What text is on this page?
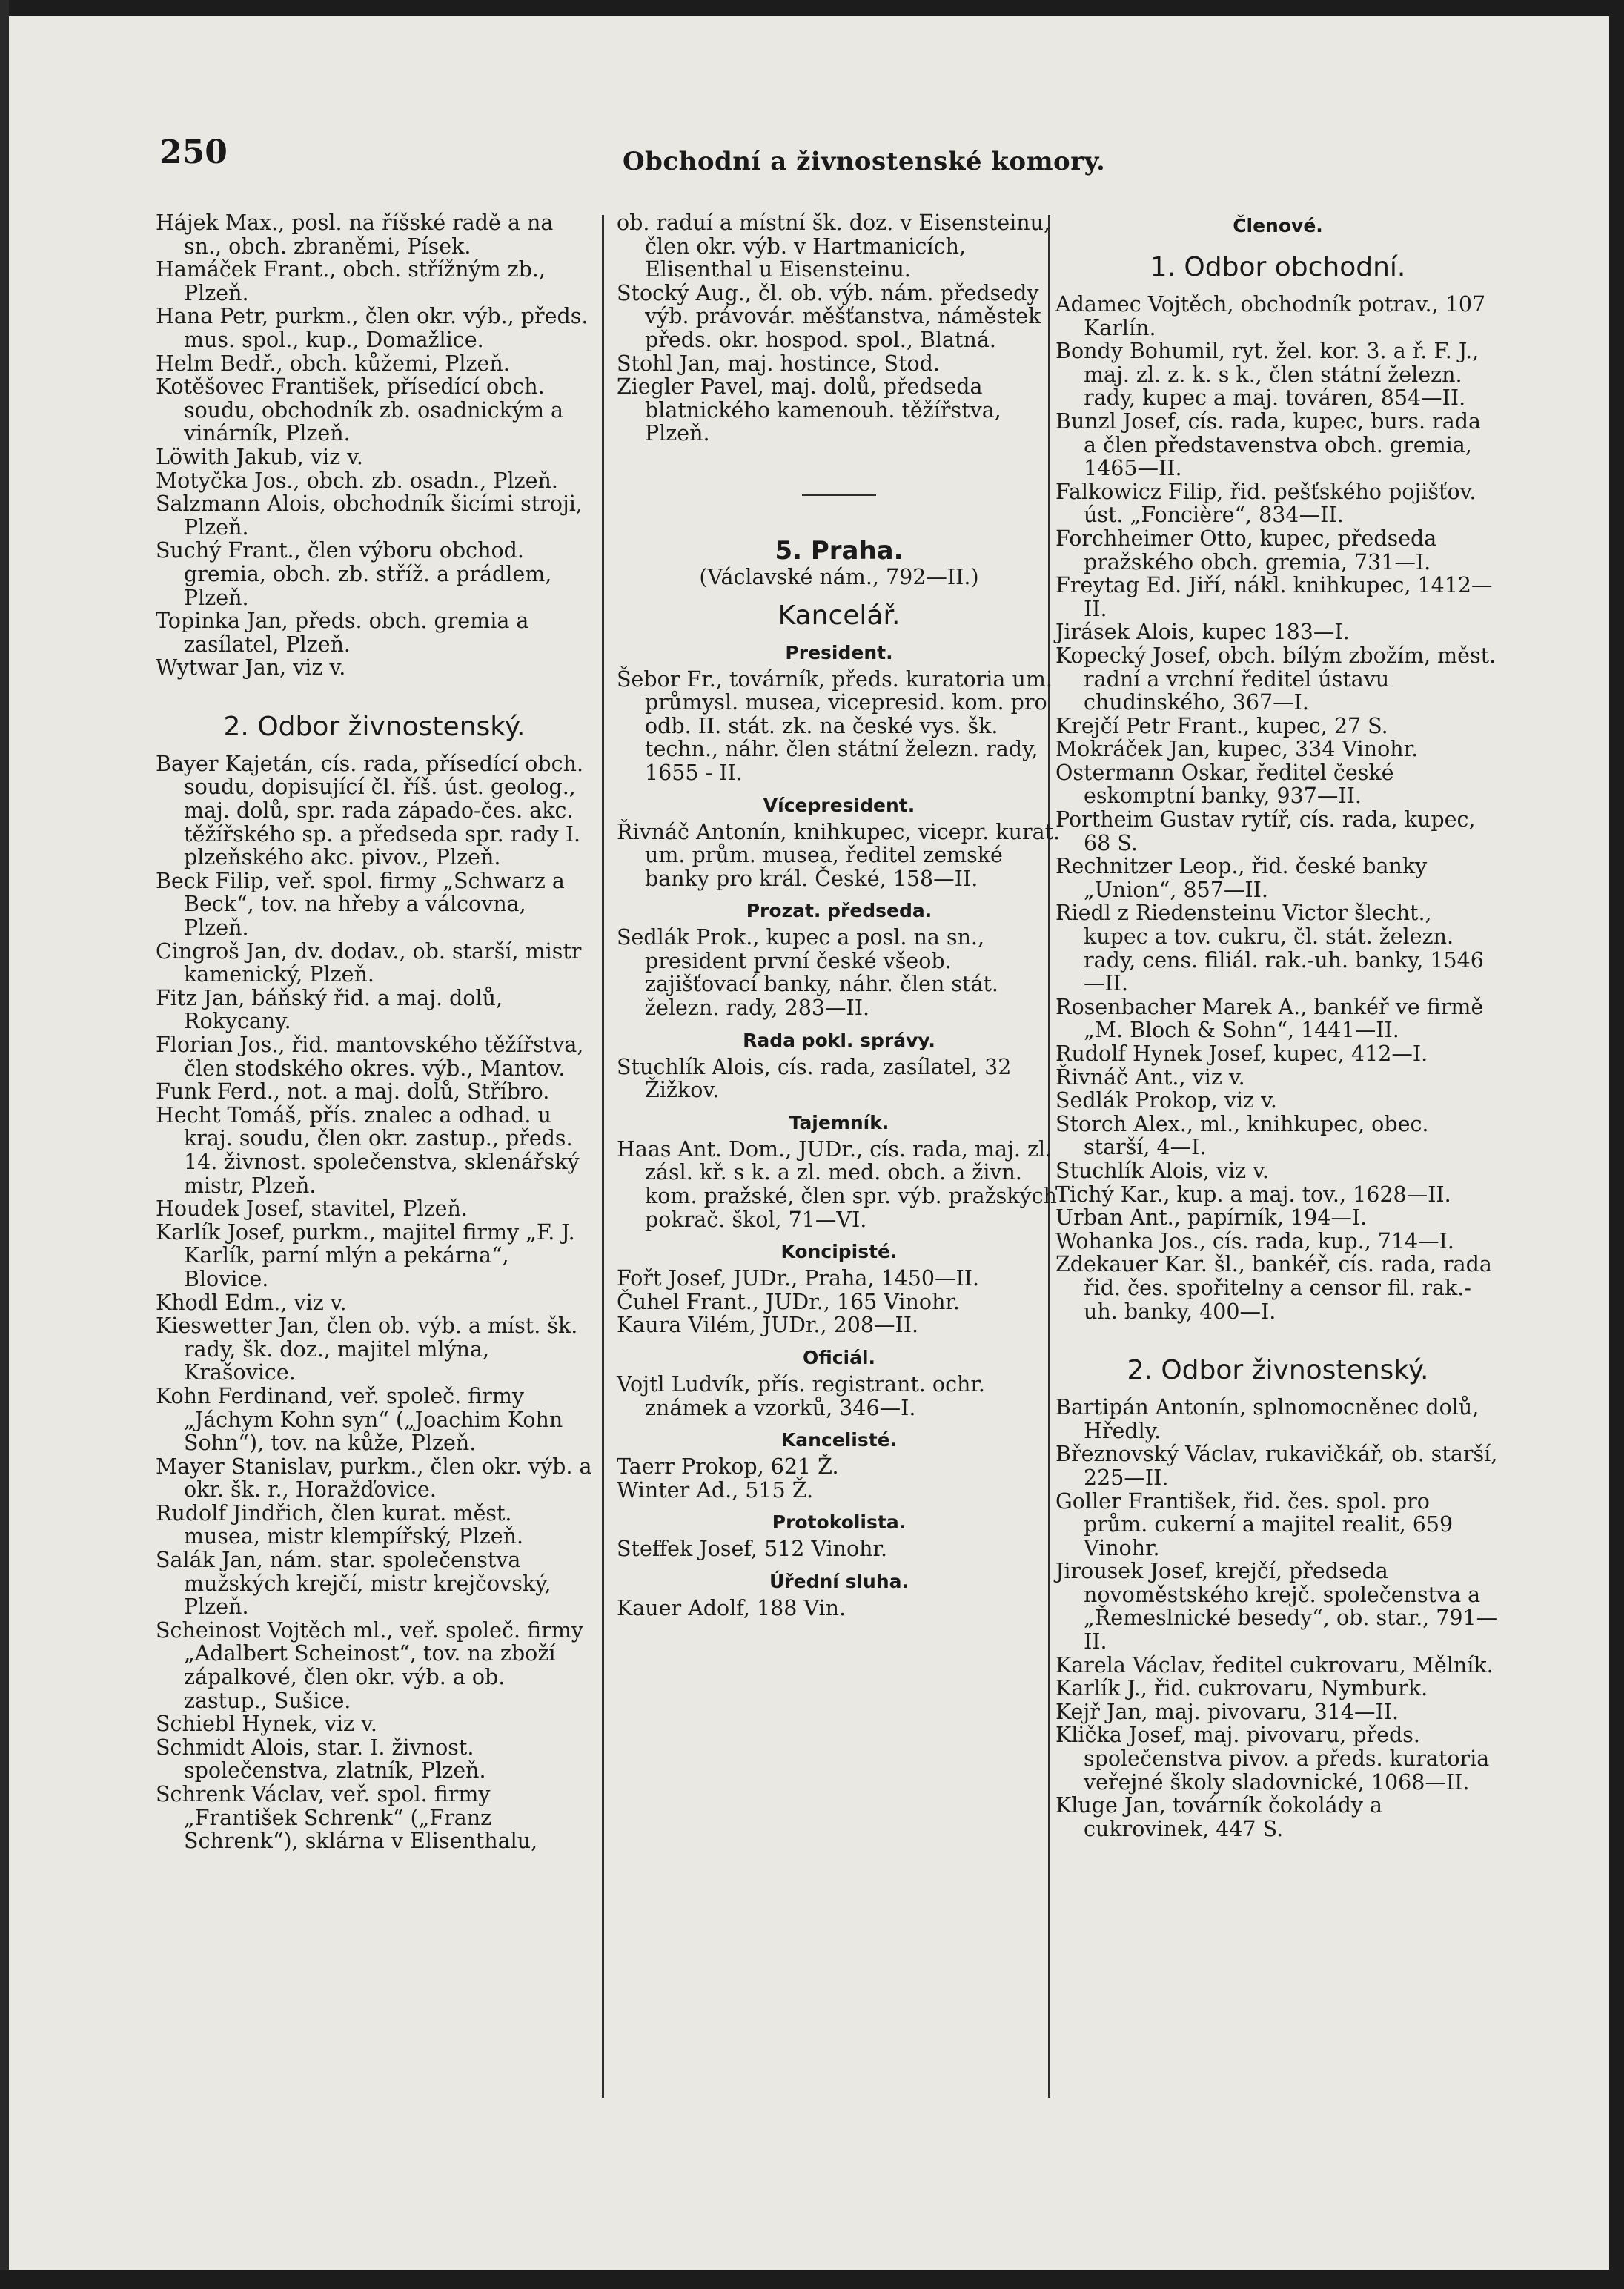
250	Obchodní a živnostenské komory.
Hájek Max., posl. na říšské radě a na sn., obch. zbraněmi, Písek.
Hamáček Frant., obch. střížným zb., Plzeň.
Hana Petr, purkm., člen okr. výb., předs. mus. spol., kup., Domažlice.
Helm Bedř., obch. kůžemi, Plzeň.
Kotěšovec František, přísedící obch. soudu, obchodník zb. osadnickým a vinárník, Plzeň.
Löwith Jakub, viz v.
Motyčka Jos., obch. zb. osadn., Plzeň.
Salzmann Alois, obchodník šicími stroji, Plzeň.
Suchý Frant., člen výboru obchod. gremia, obch. zb. stříž. a prádlem, Plzeň.
Topinka Jan, předs. obch. gremia a zasílatel, Plzeň.
Wytwar Jan, viz v.
2. Odbor živnostenský.
Bayer Kajetán, cís. rada, přísedící obch. soudu, dopisující čl. říš. úst. geolog., maj. dolů, spr. rada západo-čes. akc. těžířského sp. a předseda spr. rady I. plzeňského akc. pivov., Plzeň.
Beck Filip, veř. spol. firmy „Schwarz a Beck“, tov. na hřeby a válcovna, Plzeň.
Cingroš Jan, dv. dodav., ob. starší, mistr kamenický, Plzeň.
Fitz Jan, báňský řid. a maj. dolů, Rokycany.
Florian Jos., řid. mantovského těžířstva, člen stodského okres. výb., Mantov.
Funk Ferd., not. a maj. dolů, Stříbro.
Hecht Tomáš, přís. znalec a odhad. u kraj. soudu, člen okr. zastup., předs. 14. živnost. společenstva, sklenářský mistr, Plzeň.
Houdek Josef, stavitel, Plzeň.
Karlík Josef, purkm., majitel firmy „F. J. Karlík, parní mlýn a pekárna“, Blovice.
Khodl Edm., viz v.
Kieswetter Jan, člen ob. výb. a míst. šk. rady, šk. doz., majitel mlýna, Krašovice.
Kohn Ferdinand, veř. společ. firmy „Jáchym Kohn syn“ („Joachim Kohn Sohn“), tov. na kůže, Plzeň.
Mayer Stanislav, purkm., člen okr. výb. a okr. šk. r., Horažďovice.
Rudolf Jindřich, člen kurat. měst. musea, mistr klempířský, Plzeň.
Salák Jan, nám. star. společenstva mužských krejčí, mistr krejčovský, Plzeň.
Scheinost Vojtěch ml., veř. společ. firmy „Adalbert Scheinost“, tov. na zboží zápalkové, člen okr. výb. a ob. zastup., Sušice.
Schiebl Hynek, viz v.
Schmidt Alois, star. I. živnost. společenstva, zlatník, Plzeň.
Schrenk Václav, veř. spol. firmy „František Schrenk“ („Franz Schrenk“), sklárna v Elisenthalu,
ob. raduí a místní šk. doz. v Eisensteinu, člen okr. výb. v Hartmanicích, Elisenthal u Eisensteinu.
Stocký Aug., čl. ob. výb. nám. předsedy výb. právovár. měšťanstva, náměstek předs. okr. hospod. spol., Blatná.
Stohl Jan, maj. hostince, Stod.
Ziegler Pavel, maj. dolů, předseda blatnického kamenouh. těžířstva, Plzeň.
5. Praha.
(Václavské nám., 792—II.)
Kancelář.
President.
Šebor Fr., továrník, předs. kuratoria um. průmysl. musea, vicepresid. kom. pro odb. II. stát. zk. na české vys. šk. techn., náhr. člen státní železn. rady, 1655 - II.
Vícepresident.
Řivnáč Antonín, knihkupec, vicepr. kurat. um. prům. musea, ředitel zemské banky pro král. České, 158—II.
Prozat. předseda.
Sedlák Prok., kupec a posl. na sn., president první české všeob. zajišťovací banky, náhr. člen stát. železn. rady, 283—II.
Rada pokl. správy.
Stuchlík Alois, cís. rada, zasílatel, 32 Žižkov.
Tajemník.
Haas Ant. Dom., JUDr., cís. rada, maj. zl. zásl. kř. s k. a zl. med. obch. a živn. kom. pražské, člen spr. výb. pražských pokrač. škol, 71—VI.
Koncipisté.
Fořt Josef, JUDr., Praha, 1450—II.
Čuhel Frant., JUDr., 165 Vinohr.
Kaura Vilém, JUDr., 208—II.
Oficiál.
Vojtl Ludvík, přís. registrant. ochr. známek a vzorků, 346—I.
Kancelisté.
Taerr Prokop, 621 Ž.
Winter Ad., 515 Ž.
Protokolista.
Steffek Josef, 512 Vinohr.
Úřední sluha.
Kauer Adolf, 188 Vin.
Členové.
1. Odbor obchodní.
Adamec Vojtěch, obchodník potrav., 107 Karlín.
Bondy Bohumil, ryt. žel. kor. 3. a ř. F. J., maj. zl. z. k. s k., člen státní železn. rady, kupec a maj. továren, 854—II.
Bunzl Josef, cís. rada, kupec, burs. rada a člen představenstva obch. gremia, 1465—II.
Falkowicz Filip, řid. pešťského pojišťov. úst. „Foncière“, 834—II.
Forchheimer Otto, kupec, předseda pražského obch. gremia, 731—I.
Freytag Ed. Jiří, nákl. knihkupec, 1412—II.
Jirásek Alois, kupec 183—I.
Kopecký Josef, obch. bílým zbožím, měst. radní a vrchní ředitel ústavu chudinského, 367—I.
Krejčí Petr Frant., kupec, 27 S.
Mokráček Jan, kupec, 334 Vinohr.
Ostermann Oskar, ředitel české eskomptní banky, 937—II.
Portheim Gustav rytíř, cís. rada, kupec, 68 S.
Rechnitzer Leop., řid. české banky „Union“, 857—II.
Riedl z Riedensteinu Victor šlecht., kupec a tov. cukru, čl. stát. železn. rady, cens. filiál. rak.-uh. banky, 1546—II.
Rosenbacher Marek A., bankéř ve firmě „M. Bloch & Sohn“, 1441—II.
Rudolf Hynek Josef, kupec, 412—I.
Řivnáč Ant., viz v.
Sedlák Prokop, viz v.
Storch Alex., ml., knihkupec, obec. starší, 4—I.
Stuchlík Alois, viz v.
Tichý Kar., kup. a maj. tov., 1628—II.
Urban Ant., papírník, 194—I.
Wohanka Jos., cís. rada, kup., 714—I.
Zdekauer Kar. šl., bankéř, cís. rada, rada řid. čes. spořitelny a censor fil. rak.-uh. banky, 400—I.
2. Odbor živnostenský.
Bartipán Antonín, splnomocněnec dolů, Hředly.
Březnovský Václav, rukavičkář, ob. starší, 225—II.
Goller František, řid. čes. spol. pro prům. cukerní a majitel realit, 659 Vinohr.
Jirousek Josef, krejčí, předseda novoměstského krejč. společenstva a „Řemeslnické besedy“, ob. star., 791—II.
Karela Václav, ředitel cukrovaru, Mělník.
Karlík J., řid. cukrovaru, Nymburk.
Kejř Jan, maj. pivovaru, 314—II.
Klička Josef, maj. pivovaru, předs. společenstva pivov. a předs. kuratoria veřejné školy sladovnické, 1068—II.
Kluge Jan, továrník čokolády a cukrovinek, 447 S.
